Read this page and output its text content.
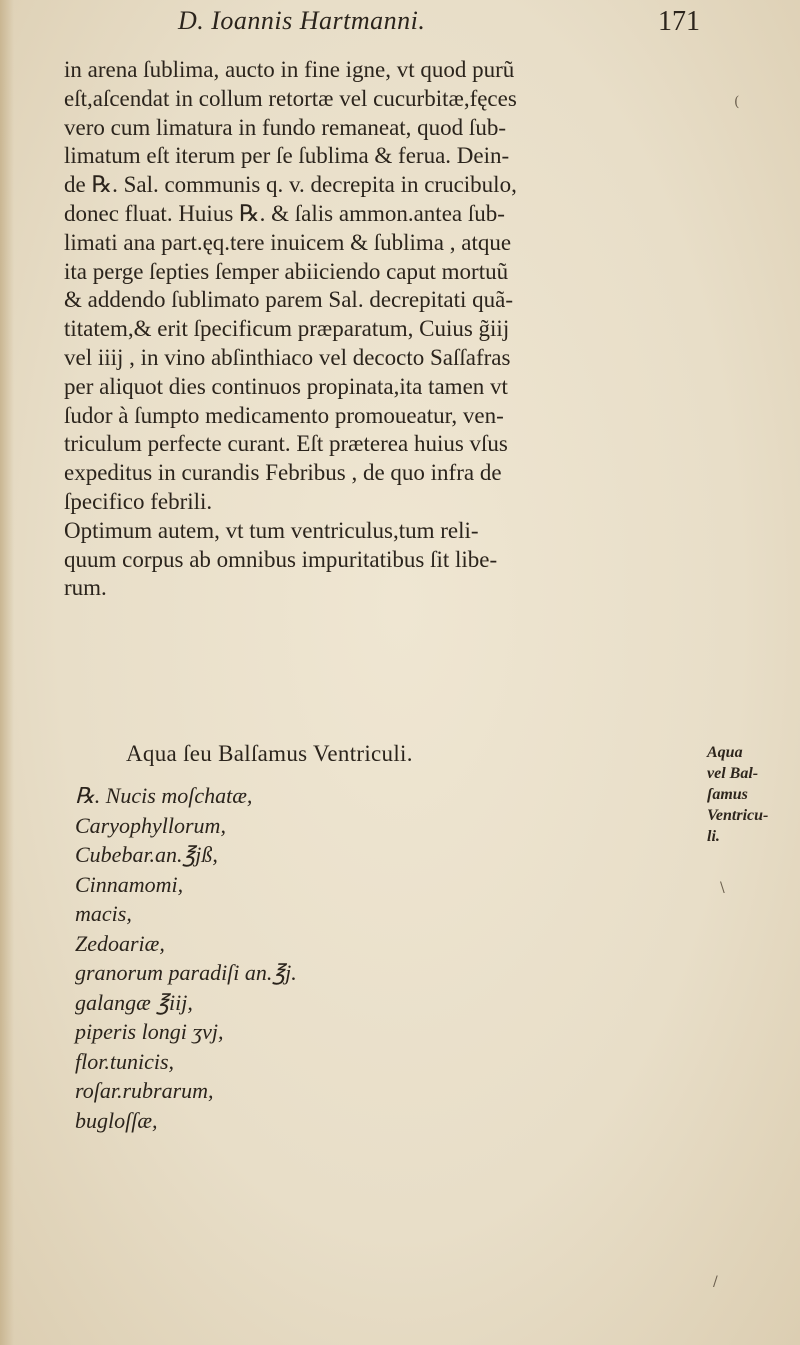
D. Ioannis Hartmanni.	171
in arena ſublima, aucto in fine igne, vt quod purũ
eſt,aſcendat in collum retortæ vel cucurbitæ,fęces
vero cum limatura in fundo remaneat, quod ſub-
limatum eſt iterum per ſe ſublima & ferua. Dein-
de ℞. Sal. communis q. v. decrepita in crucibulo,
donec fluat. Huius ℞. & ſalis ammon.antea ſub-
limati ana part.ęq.tere inuicem & ſublima , atque
ita perge ſepties ſemper abiiciendo caput mortuũ
& addendo ſublimato parem Sal. decrepitati quã-
titatem,& erit ſpecificum præparatum, Cuius g̃iij
vel iiij , in vino abſinthiaco vel decocto Saſſafras
per aliquot dies continuos propinata,ita tamen vt
ſudor à ſumpto medicamento promoueatur, ven-
triculum perfecte curant. Eſt præterea huius vſus
expeditus in curandis Febribus , de quo infra de
ſpecifico febrili.
Optimum autem, vt tum ventriculus,tum reli-
quum corpus ab omnibus impuritatibus ſit libe-
rum.
Aqua ſeu Balſamus Ventriculi.
℞. Nucis moſchatæ,
Caryophyllorum,
Cubebar.an.℥jß,
Cinnamomi,
macis,
Zedoariæ,
granorum paradiſi an.℥j.
galangæ ℥iij,
piperis longi ʒvj,
flor.tunicis,
roſar.rubrarum,
bugloſſæ,
Aqua
vel Bal-
ſamus
Ventricu-
li.
(
/
\
